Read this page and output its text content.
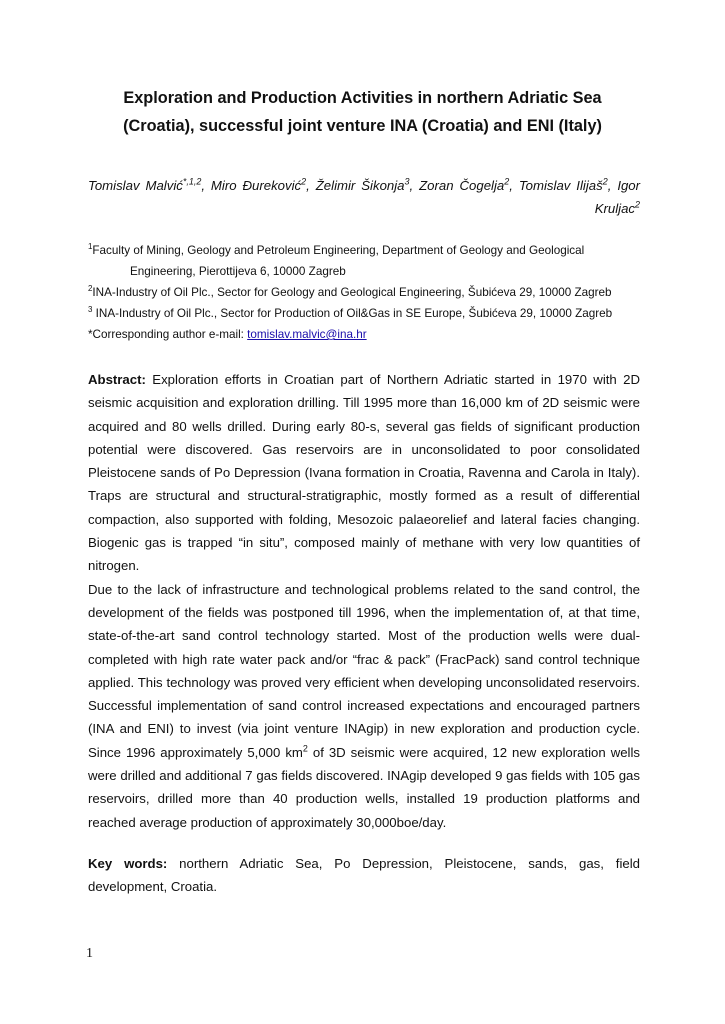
Exploration and Production Activities in northern Adriatic Sea
(Croatia), successful joint venture INA (Croatia) and ENI (Italy)

Tomislav Malvić$^{*,1,2}$, Miro Đureković$^2$, Želimir Šikonja$^3$, Zoran Čogelja$^2$, Tomislav Ilijaš$^2$, Igor Kruljac$^2$

$^1$Faculty of Mining, Geology and Petroleum Engineering, Department of Geology and Geological
Engineering, Pierottijeva 6, 10000 Zagreb

$^2$INA-Industry of Oil Plc., Sector for Geology and Geological Engineering, Šubićeva 29, 10000 Zagreb

$^3$ INA-Industry of Oil Plc., Sector for Production of Oil&Gas in SE Europe, Šubićeva 29, 10000 Zagreb

*Corresponding author e-mail: tomislav.malvic@ina.hr

Abstract: Exploration efforts in Croatian part of Northern Adriatic started in 1970 with 2D seismic acquisition and exploration drilling. Till 1995 more than 16,000 km of 2D seismic were acquired and 80 wells drilled. During early 80-s, several gas fields of significant production potential were discovered. Gas reservoirs are in unconsolidated to poor consolidated Pleistocene sands of Po Depression (Ivana formation in Croatia, Ravenna and Carola in Italy). Traps are structural and structural-stratigraphic, mostly formed as a result of differential compaction, also supported with folding, Mesozoic palaeorelief and lateral facies changing. Biogenic gas is trapped “in situ”, composed mainly of methane with very low quantities of nitrogen.

Due to the lack of infrastructure and technological problems related to the sand control, the development of the fields was postponed till 1996, when the implementation of, at that time, state-of-the-art sand control technology started. Most of the production wells were dual-completed with high rate water pack and/or “frac & pack” (FracPack) sand control technique applied. This technology was proved very efficient when developing unconsolidated reservoirs. Successful implementation of sand control increased expectations and encouraged partners (INA and ENI) to invest (via joint venture INAgip) in new exploration and production cycle. Since 1996 approximately 5,000 $km^2$ of 3D seismic were acquired, 12 new exploration wells were drilled and additional 7 gas fields discovered. INAgip developed 9 gas fields with 105 gas reservoirs, drilled more than 40 production wells, installed 19 production platforms and reached average production of approximately 30,000boe/day.

Key words: northern Adriatic Sea, Po Depression, Pleistocene, sands, gas, field development, Croatia.

1
